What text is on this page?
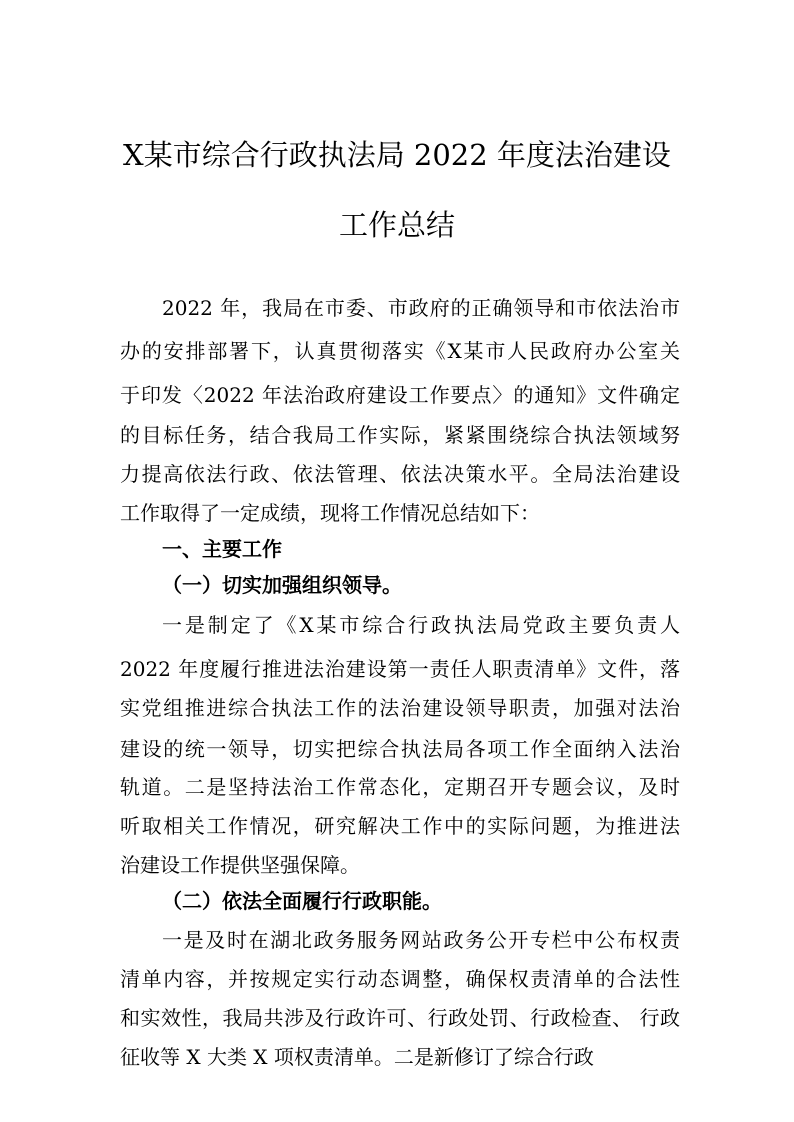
X某市综合行政执法局 2022 年度法治建设
工作总结
2022 年，我局在市委、市政府的正确领导和市依法治市
办的安排部署下，认真贯彻落实《X某市人民政府办公室关
于印发〈2022 年法治政府建设工作要点〉的通知》文件确定
的目标任务，结合我局工作实际，紧紧围绕综合执法领域努
力提高依法行政、依法管理、依法决策水平。全局法治建设
工作取得了一定成绩，现将工作情况总结如下：
一、主要工作
（一）切实加强组织领导。
一是制定了《X某市综合行政执法局党政主要负责人
2022 年度履行推进法治建设第一责任人职责清单》文件，落
实党组推进综合执法工作的法治建设领导职责，加强对法治
建设的统一领导，切实把综合执法局各项工作全面纳入法治
轨道。二是坚持法治工作常态化，定期召开专题会议，及时
听取相关工作情况，研究解决工作中的实际问题，为推进法
治建设工作提供坚强保障。
（二）依法全面履行行政职能。
一是及时在湖北政务服务网站政务公开专栏中公布权责
清单内容，并按规定实行动态调整，确保权责清单的合法性
和实效性，我局共涉及行政许可、行政处罚、行政检查、 行政
征收等 X 大类 X 项权责清单。二是新修订了综合行政
